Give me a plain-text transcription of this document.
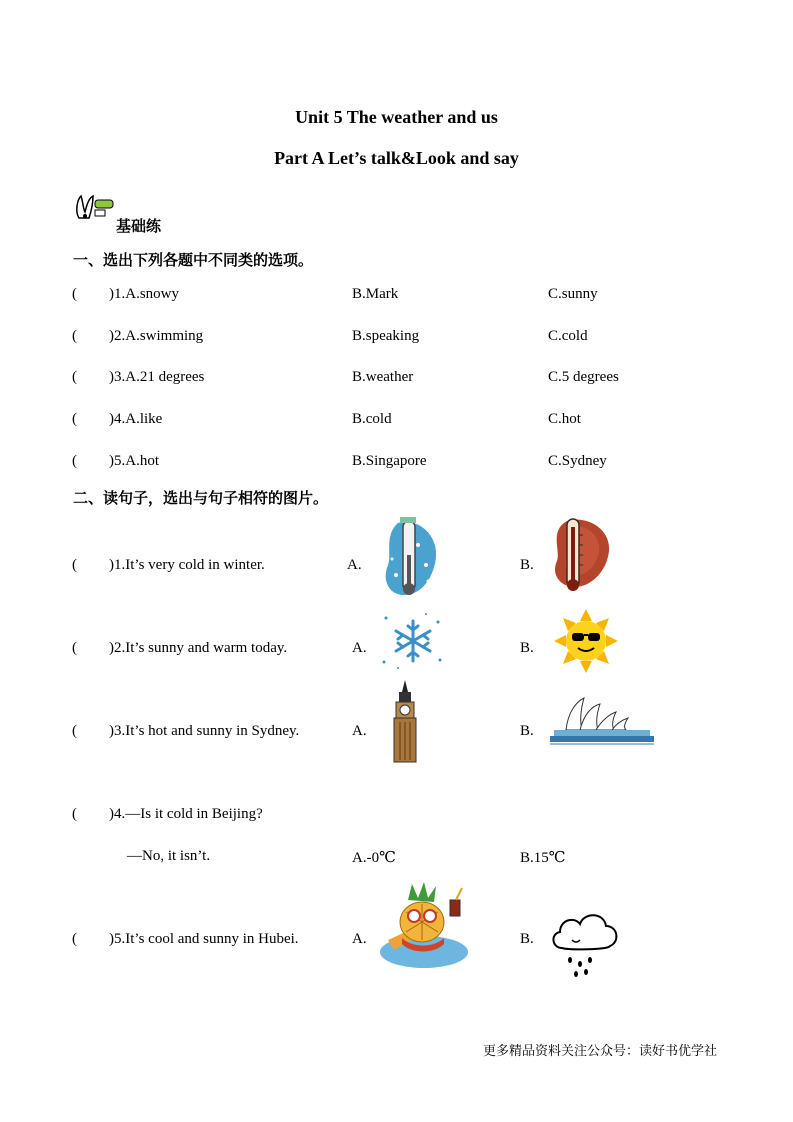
Unit 5 The weather and us
Part A Let’s talk&Look and say
基础练
一、选出下列各题中不同类的选项。
( )1.A.snowy	B.Mark	C.sunny
( )2.A.swimming	B.speaking	C.cold
( )3.A.21 degrees	B.weather	C.5 degrees
( )4.A.like	B.cold	C.hot
( )5.A.hot	B.Singapore	C.Sydney
二、读句子，选出与句子相符的图片。
( )1.It’s very cold in winter.	A.	B.
( )2.It’s sunny and warm today.	A.	B.
( )3.It’s hot and sunny in Sydney.	A.	B.
( )4.—Is it cold in Beijing?
—No, it isn’t.	A.-0℃	B.15℃
( )5.It’s cool and sunny in Hubei.	A.	B.
更多精品资料关注公众号：读好书优学社
